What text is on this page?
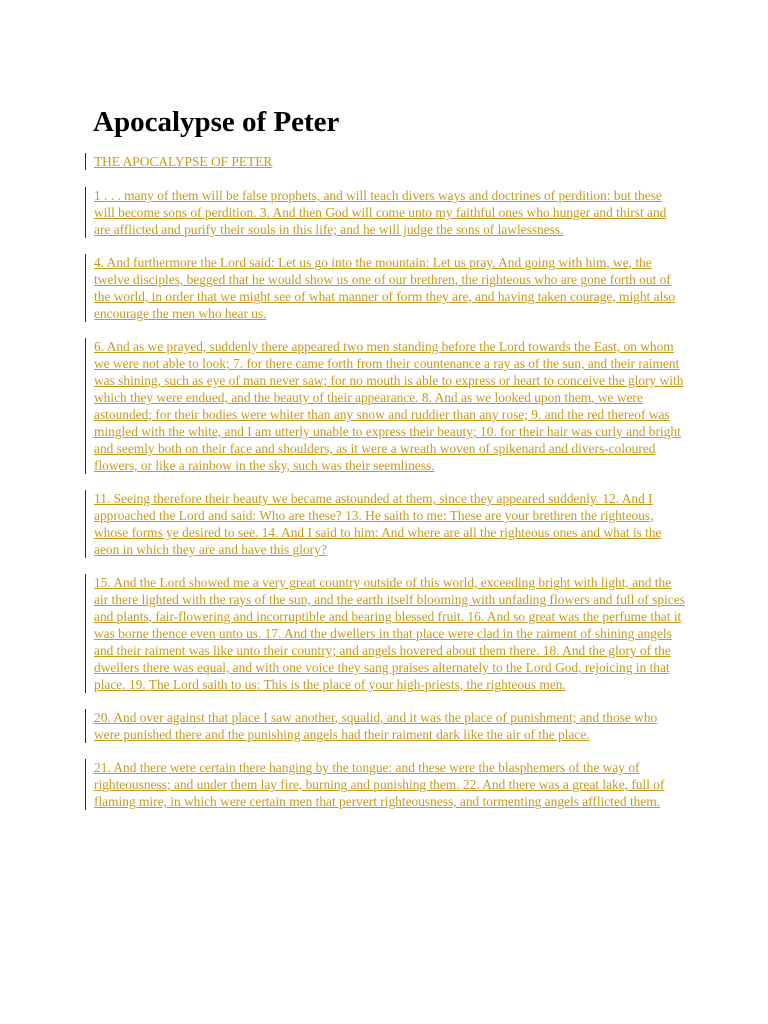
Apocalypse of Peter

THE APOCALYPSE OF PETER

1 . . . many of them will be false prophets, and will teach divers ways and doctrines of perdition: but these will become sons of perdition. 3. And then God will come unto my faithful ones who hunger and thirst and are afflicted and purify their souls in this life; and he will judge the sons of lawlessness.

4. And furthermore the Lord said: Let us go into the mountain: Let us pray. And going with him, we, the twelve disciples, begged that he would show us one of our brethren, the righteous who are gone forth out of the world, in order that we might see of what manner of form they are, and having taken courage, might also encourage the men who hear us.

6. And as we prayed, suddenly there appeared two men standing before the Lord towards the East, on whom we were not able to look; 7. for there came forth from their countenance a ray as of the sun, and their raiment was shining, such as eye of man never saw; for no mouth is able to express or heart to conceive the glory with which they were endued, and the beauty of their appearance. 8. And as we looked upon them, we were astounded; for their bodies were whiter than any snow and ruddier than any rose; 9. and the red thereof was mingled with the white, and I am utterly unable to express their beauty; 10. for their hair was curly and bright and seemly both on their face and shoulders, as it were a wreath woven of spikenard and divers-coloured flowers, or like a rainbow in the sky, such was their seemliness.

11. Seeing therefore their beauty we became astounded at them, since they appeared suddenly. 12. And I approached the Lord and said: Who are these? 13. He saith to me: These are your brethren the righteous, whose forms ye desired to see. 14. And I said to him: And where are all the righteous ones and what is the aeon in which they are and have this glory?

15. And the Lord showed me a very great country outside of this world, exceeding bright with light, and the air there lighted with the rays of the sun, and the earth itself blooming with unfading flowers and full of spices and plants, fair-flowering and incorruptible and bearing blessed fruit. 16. And so great was the perfume that it was borne thence even unto us. 17. And the dwellers in that place were clad in the raiment of shining angels and their raiment was like unto their country; and angels hovered about them there. 18. And the glory of the dwellers there was equal, and with one voice they sang praises alternately to the Lord God, rejoicing in that place. 19. The Lord saith to us: This is the place of your high-priests, the righteous men.

20. And over against that place I saw another, squalid, and it was the place of punishment; and those who were punished there and the punishing angels had their raiment dark like the air of the place.

21. And there were certain there hanging by the tongue: and these were the blasphemers of the way of righteousness; and under them lay fire, burning and punishing them. 22. And there was a great lake, full of flaming mire, in which were certain men that pervert righteousness, and tormenting angels afflicted them.
